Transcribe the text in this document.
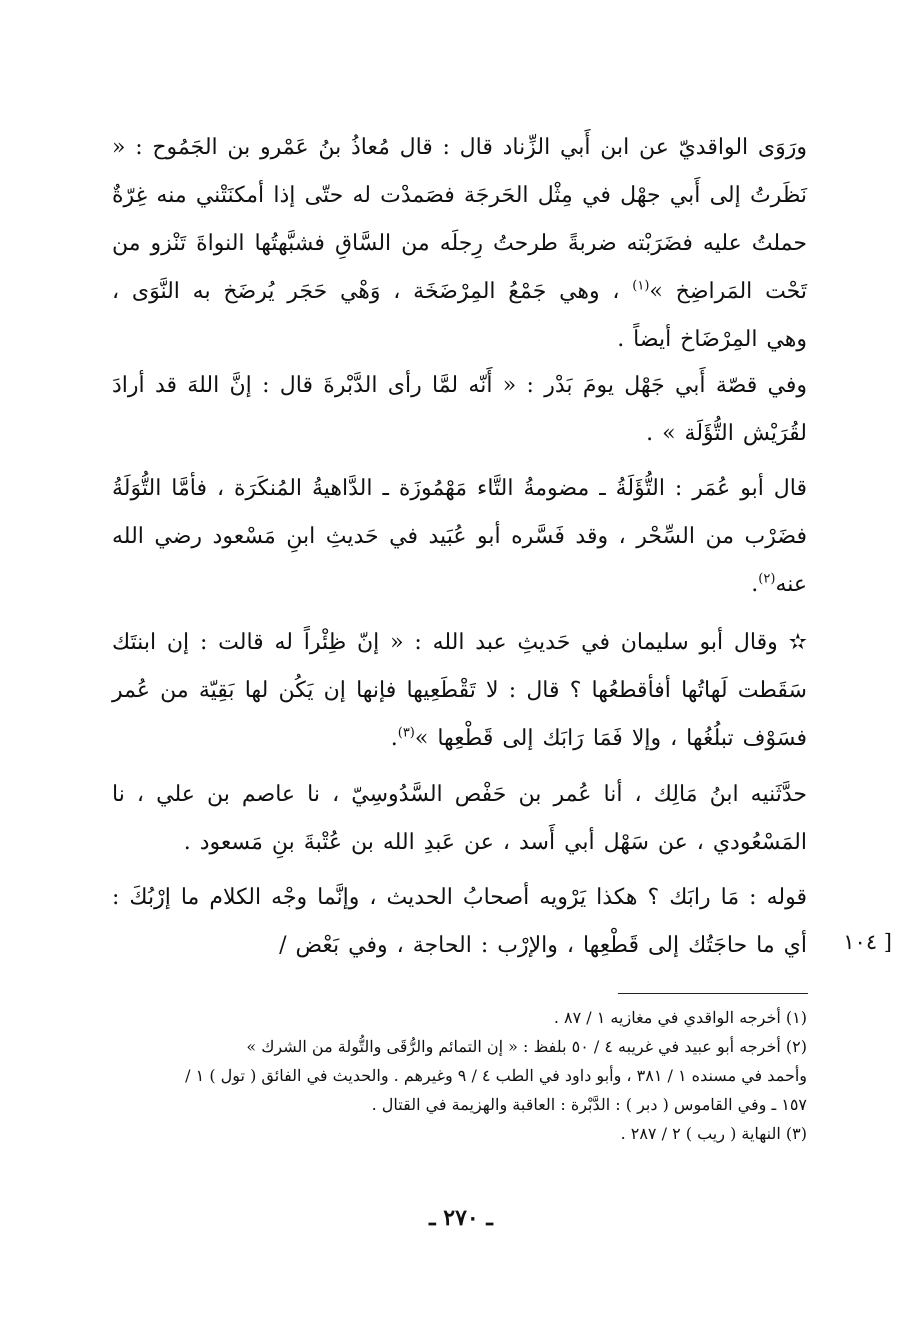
ورَوَى الواقديّ عن ابن أَبي الزِّناد قال : قال مُعاذُ بنُ عَمْرو بن الجَمُوح : « نَظَرتُ إلى أَبي جهْل في مِثْل الحَرجَة فصَمدْت له حتّى إذا أمكنَتْني منه غِرّةٌ حملتُ عليه فضَرَبْته ضربةً طرحتُ رِجلَه من السَّاقِ فشبَّهتُها النواةَ تَنْزو من تَحْت المَراضِخ »$^{(١)}$ ، وهي جَمْعُ المِرْضَخَة ، وَهْي حَجَر يُرضَخ به النَّوَى ، وهي المِرْضَاخ أيضاً .
وفي قصّة أَبي جَهْل يومَ بَدْر : « أَنّه لمَّا رأى الدَّبْرةَ قال : إنَّ اللهَ قد أرادَ لقُرَيْش التُّؤَلَة » .
قال أبو عُمَر : التُّؤَلَةُ ـ مضومةُ التَّاء مَهْمُوزَة ـ الدَّاهيةُ المُنكَرَة ، فأمَّا التُّوَلَةُ فضَرْب من السِّحْر ، وقد فَسَّره أبو عُبَيد في حَديثِ ابنِ مَسْعود رضي الله عنه$^{(٢)}$.
✫ وقال أبو سليمان في حَديثِ عبد الله : « إنّ ظِئْراً له قالت : إن ابنتَك سَقَطت لَهاتُها أفأقطعُها ؟ قال : لا تَقْطَعِيها فإنها إن يَكُن لها بَقِيّة من عُمر فسَوْف تبلُغُها ، وإلا فَمَا رَابَك إلى قَطْعِها »$^{(٣)}$.
حدَّثَنيه ابنُ مَالِك ، أنا عُمر بن حَفْص السَّدُوسِيّ ، نا عاصم بن علي ، نا المَسْعُودي ، عن سَهْل أبي أَسد ، عن عَبدِ الله بن عُتْبةَ بنِ مَسعود .
قوله : مَا رابَك ؟ هكذا يَرْويه أصحابُ الحديث ، وإنَّما وجْه الكلام ما إرْبُكَ : أي ما حاجَتُك إلى قَطْعِها ، والإرْب : الحاجة ، وفي بَعْض /	[ ١٠٤
(١) أخرجه الواقدي في مغازيه ١ / ٨٧ .
(٢) أخرجه أبو عبيد في غريبه ٤ / ٥٠ بلفظ : « إن التمائم والرُّقَى والتُّولة من الشرك »
وأحمد في مسنده ١ / ٣٨١ ، وأبو داود في الطب ٤ / ٩ وغيرهم . والحديث في الفائق ( تول ) ١ /
١٥٧ ـ وفي القاموس ( دبر ) : الدَّبْرة : العاقبة والهزيمة في القتال .
(٣) النهاية ( ريب ) ٢ / ٢٨٧ .
ـ ٢٧٠ ـ
